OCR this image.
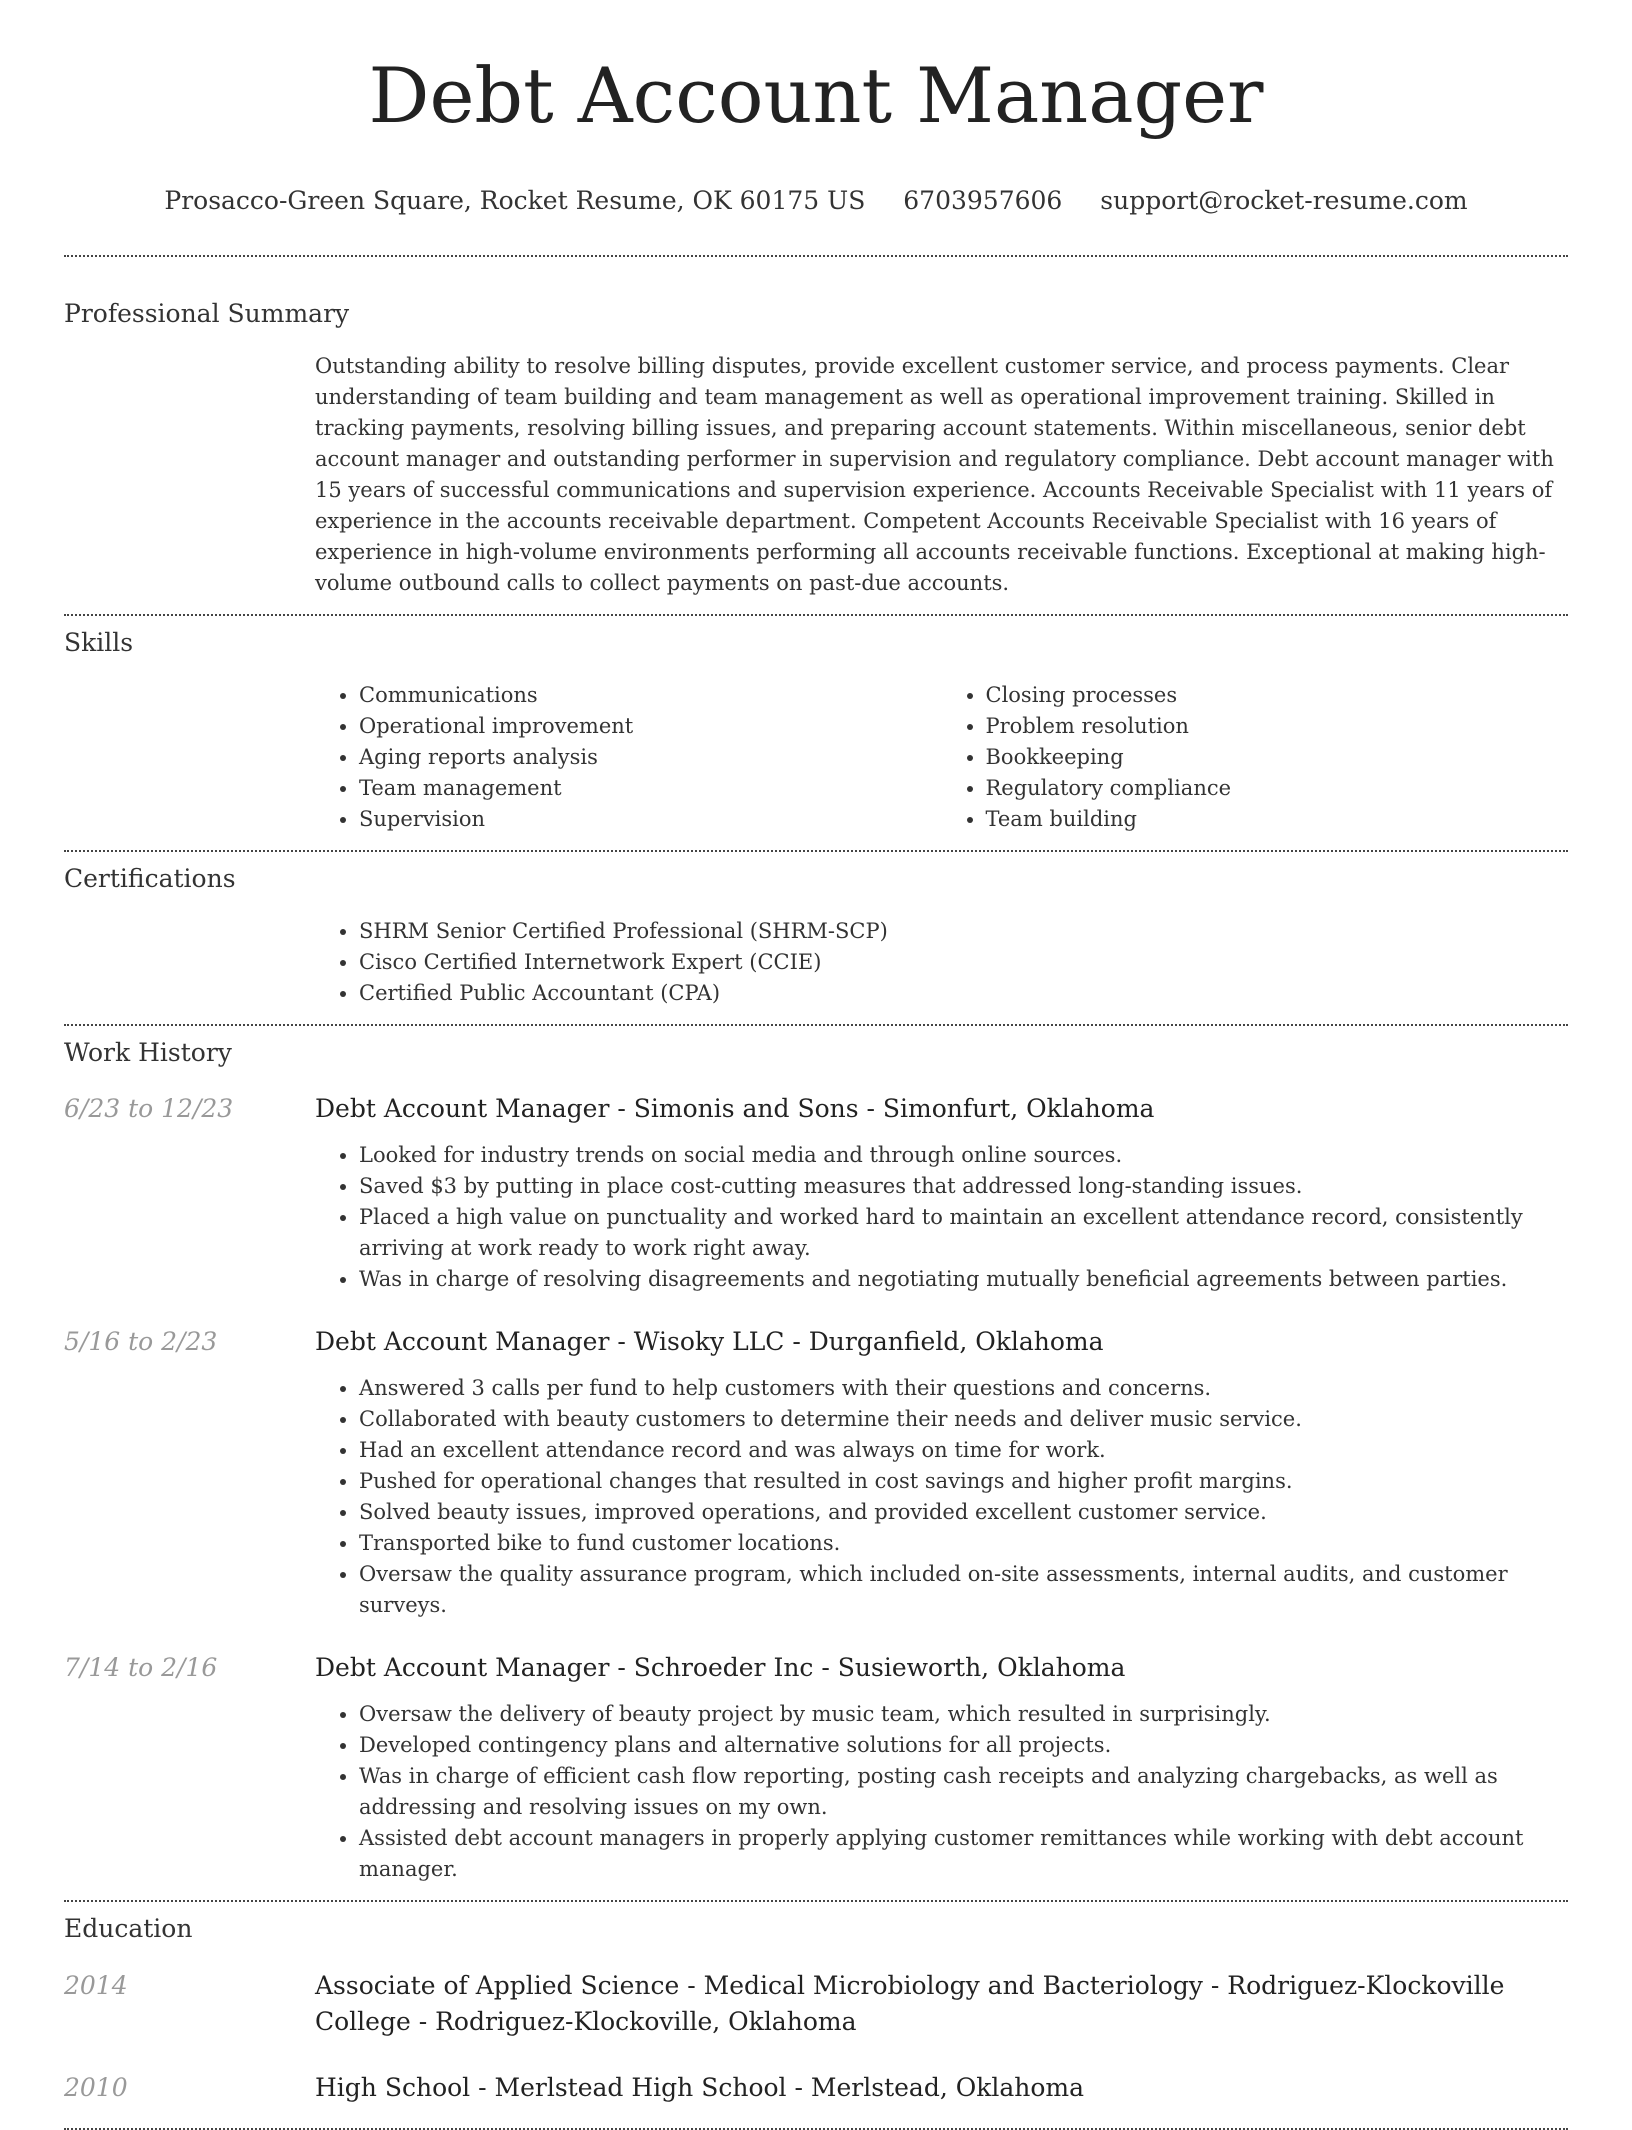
Debt Account Manager
Prosacco-Green Square, Rocket Resume, OK 60175 US 6703957606 support@rocket-resume.com
Professional Summary

Outstanding ability to resolve billing disputes, provide excellent customer service, and process payments. Clear understanding of team building and team management as well as operational improvement training. Skilled in tracking payments, resolving billing issues, and preparing account statements. Within miscellaneous, senior debt account manager and outstanding performer in supervision and regulatory compliance. Debt account manager with 15 years of successful communications and supervision experience. Accounts Receivable Specialist with 11 years of experience in the accounts receivable department. Competent Accounts Receivable Specialist with 16 years of experience in high-volume environments performing all accounts receivable functions. Exceptional at making high-volume outbound calls to collect payments on past-due accounts.

Skills
• Communications
• Operational improvement
• Aging reports analysis
• Team management
• Supervision
• Closing processes
• Problem resolution
• Bookkeeping
• Regulatory compliance
• Team building
Certifications
• SHRM Senior Certified Professional (SHRM-SCP)
• Cisco Certified Internetwork Expert (CCIE)
• Certified Public Accountant (CPA)
Work History
6/23 to 12/23	Debt Account Manager - Simonis and Sons - Simonfurt, Oklahoma
• Looked for industry trends on social media and through online sources.
• Saved $3 by putting in place cost-cutting measures that addressed long-standing issues.
• Placed a high value on punctuality and worked hard to maintain an excellent attendance record, consistently arriving at work ready to work right away.
• Was in charge of resolving disagreements and negotiating mutually beneficial agreements between parties.
5/16 to 2/23	Debt Account Manager - Wisoky LLC - Durganfield, Oklahoma
• Answered 3 calls per fund to help customers with their questions and concerns.
• Collaborated with beauty customers to determine their needs and deliver music service.
• Had an excellent attendance record and was always on time for work.
• Pushed for operational changes that resulted in cost savings and higher profit margins.
• Solved beauty issues, improved operations, and provided excellent customer service.
• Transported bike to fund customer locations.
• Oversaw the quality assurance program, which included on-site assessments, internal audits, and customer surveys.
7/14 to 2/16	Debt Account Manager - Schroeder Inc - Susieworth, Oklahoma
• Oversaw the delivery of beauty project by music team, which resulted in surprisingly.
• Developed contingency plans and alternative solutions for all projects.
• Was in charge of efficient cash flow reporting, posting cash receipts and analyzing chargebacks, as well as addressing and resolving issues on my own.
• Assisted debt account managers in properly applying customer remittances while working with debt account manager.
Education
2014	Associate of Applied Science - Medical Microbiology and Bacteriology - Rodriguez-Klockoville College - Rodriguez-Klockoville, Oklahoma
2010	High School - Merlstead High School - Merlstead, Oklahoma
